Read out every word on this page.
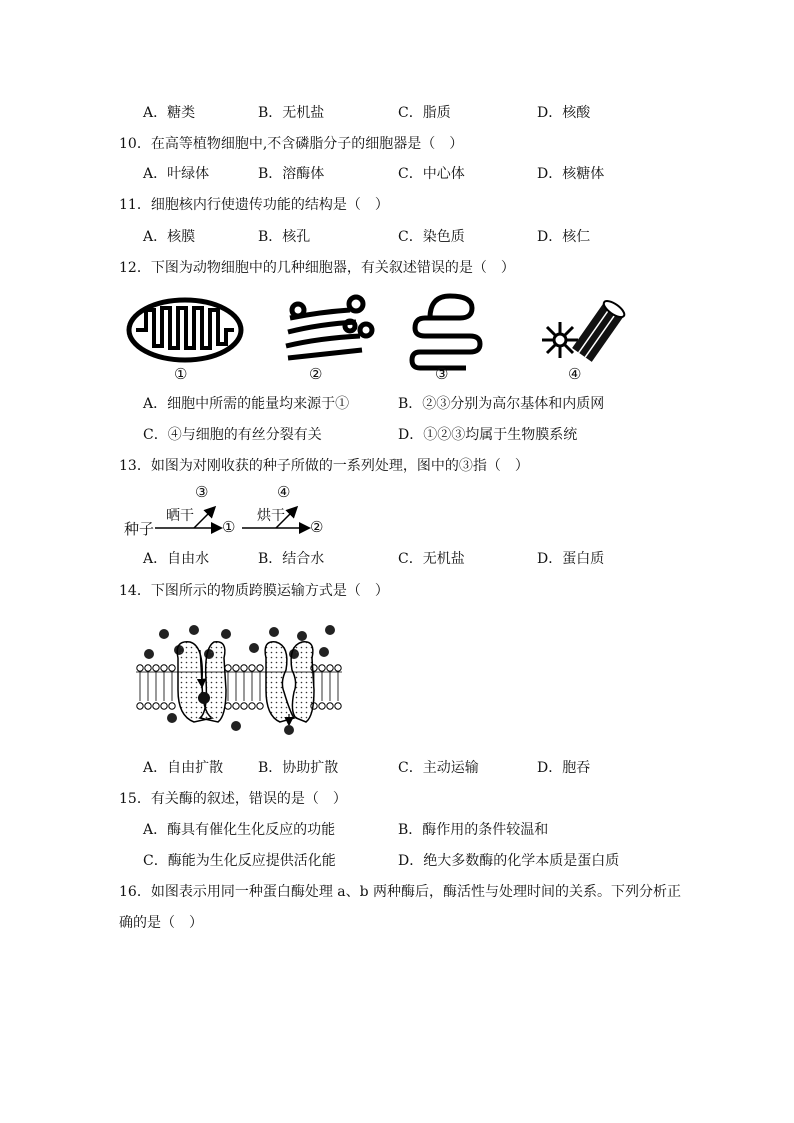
A．糖类	B．无机盐	C．脂质	D．核酸
10．在高等植物细胞中,不含磷脂分子的细胞器是（　）
A．叶绿体	B．溶酶体	C．中心体	D．核糖体
11．细胞核内行使遗传功能的结构是（　）
A．核膜	B．核孔	C．染色质	D．核仁
12．下图为动物细胞中的几种细胞器，有关叙述错误的是（　）
①	②	③	④
A．细胞中所需的能量均来源于①	B．②③分别为高尔基体和内质网
C．④与细胞的有丝分裂有关	D．①②③均属于生物膜系统
13．如图为对刚收获的种子所做的一系列处理，图中的③指（　）
种子
晒干
①
烘干
②
③	④
A．自由水	B．结合水	C．无机盐	D．蛋白质
14．下图所示的物质跨膜运输方式是（　）
A．自由扩散 B．协助扩散	C．主动运输	D．胞吞
15．有关酶的叙述，错误的是（　）
A．酶具有催化生化反应的功能	B．酶作用的条件较温和
C．酶能为生化反应提供活化能	D．绝大多数酶的化学本质是蛋白质
16．如图表示用同一种蛋白酶处理 a、b 两种酶后，酶活性与处理时间的关系。下列分析正
确的是（　）
